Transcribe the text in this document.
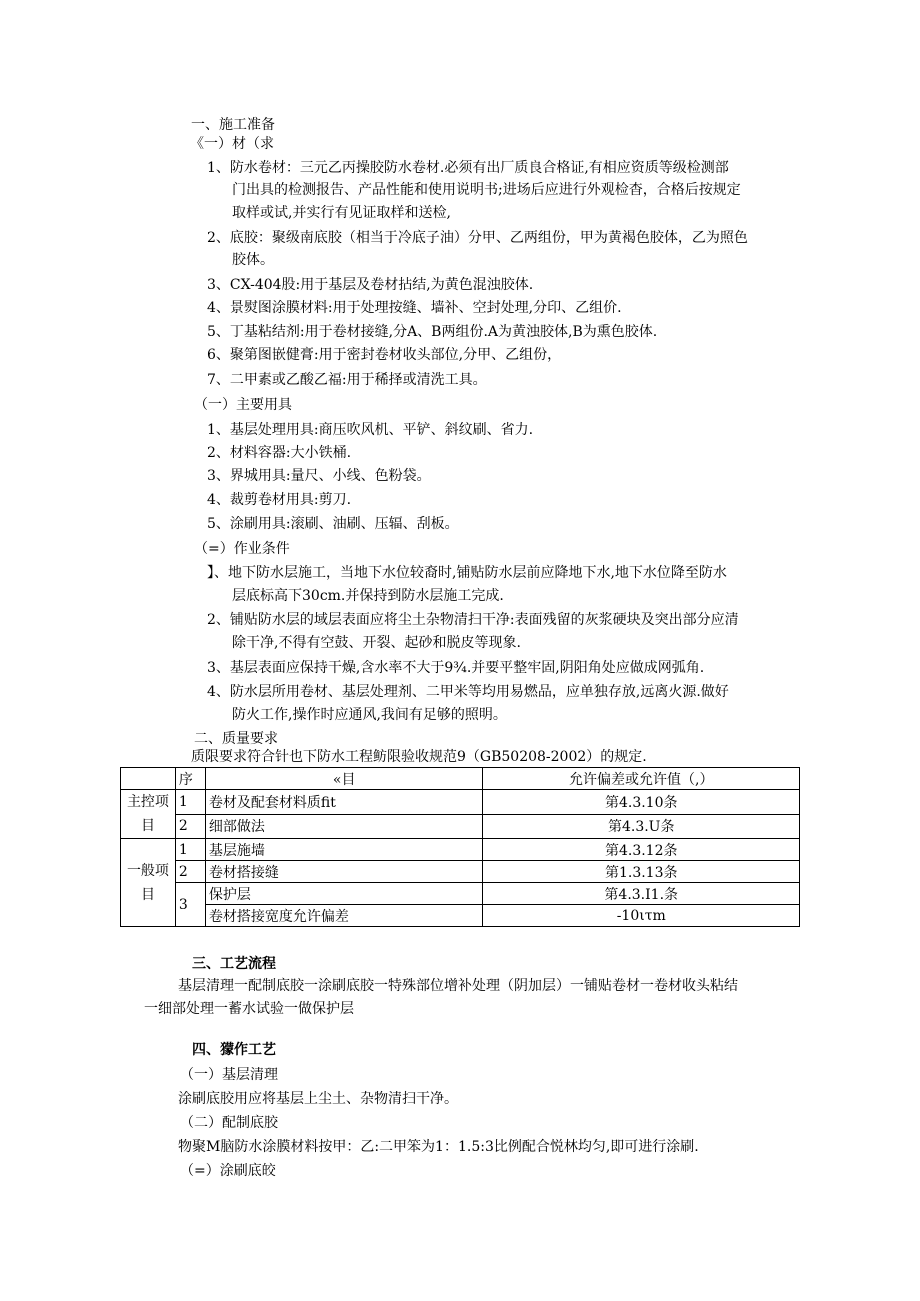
一、施工准备
《一）材（求
1、防水卷材：三元乙丙操胶防水卷材.必须有出厂质良合格证,有相应资质等级检测部
门出具的检测报告、产品性能和使用说明书;进场后应进行外观检杳，合格后按规定
取样或试,并实行有见证取样和送检,
2、底胶：聚级南底胶（相当于冷底子油）分甲、乙两组份，甲为黄褐色胶体，乙为照色
胶体。
3、CX-404股:用于基层及卷材拈结,为黄色混浊胶体.
4、景熨图涂膜材料:用于处理按缝、墙补、空封处理,分印、乙组价.
5、丁基粘结剂:用于卷材接缝,分A、B两组份.A为黄浊胶体,B为熏色胶体.
6、聚第图嵌健膏:用于密封卷材收头部位,分甲、乙组份，
7、二甲素或乙酸乙福:用于稀择或清洗工具。
（一）主要用具
1、基层处理用具:商压吹风机、平铲、斜纹刷、省力.
2、材料容器:大小铁桶.
3、界城用具:量尺、小线、色粉袋。
4、裁剪卷材用具:剪刀.
5、涂刷用具:滚刷、油刷、压辐、刮板。
（=）作业条件
】、地下防水层施工，当地下水位较裔时,铺贴防水层前应降地下水,地下水位降至防水
层底标高下30cm.并保持到防水层施工完成.
2、铺贴防水层的域层表面应将尘土杂物清扫干净:表面残留的灰浆硬块及突出部分应清
除干净,不得有空鼓、开裂、起砂和脱皮等现象.
3、基层表面应保持干燥,含水率不大于9¾.并要平整牢固,阴阳角处应做成网弧角.
4、防水层所用卷材、基层处理剂、二甲米等均用易燃品，应单独存放,远离火源.做好
防火工作,操作时应通风,我间有足够的照明。
二、质量要求
质限要求符合针也下防水工程鲂限验收规范9（GB50208-2002）的规定.
	序	«目	允许偏差或允许值（,）
主控项目	1	卷材及配套材料质fit	第4.3.10条
	2	细部做法	第4.3.U条
一般项目	1	基层施墙	第4.3.12条
	2	卷材搭接缝	第1.3.13条
	3	保护层	第4.3.I1.条
		卷材搭接宽度允许偏差	-10ιτm
三、工艺流程
基层清理一配制底胶一涂刷底胶一特殊部位增补处理（阴加层）一铺贴卷材一卷材收头粘结
一细部处理一蓄水试验一做保护层
四、獴作工艺
（一）基层清理
涂刷底胶用应将基层上尘土、杂物清扫干净。
（二）配制底胶
物聚M脑防水涂膜材料按甲：乙:二甲笨为1：1.5:3比例配合悦林均匀,即可进行涂刷.
（=）涂刷底皎
